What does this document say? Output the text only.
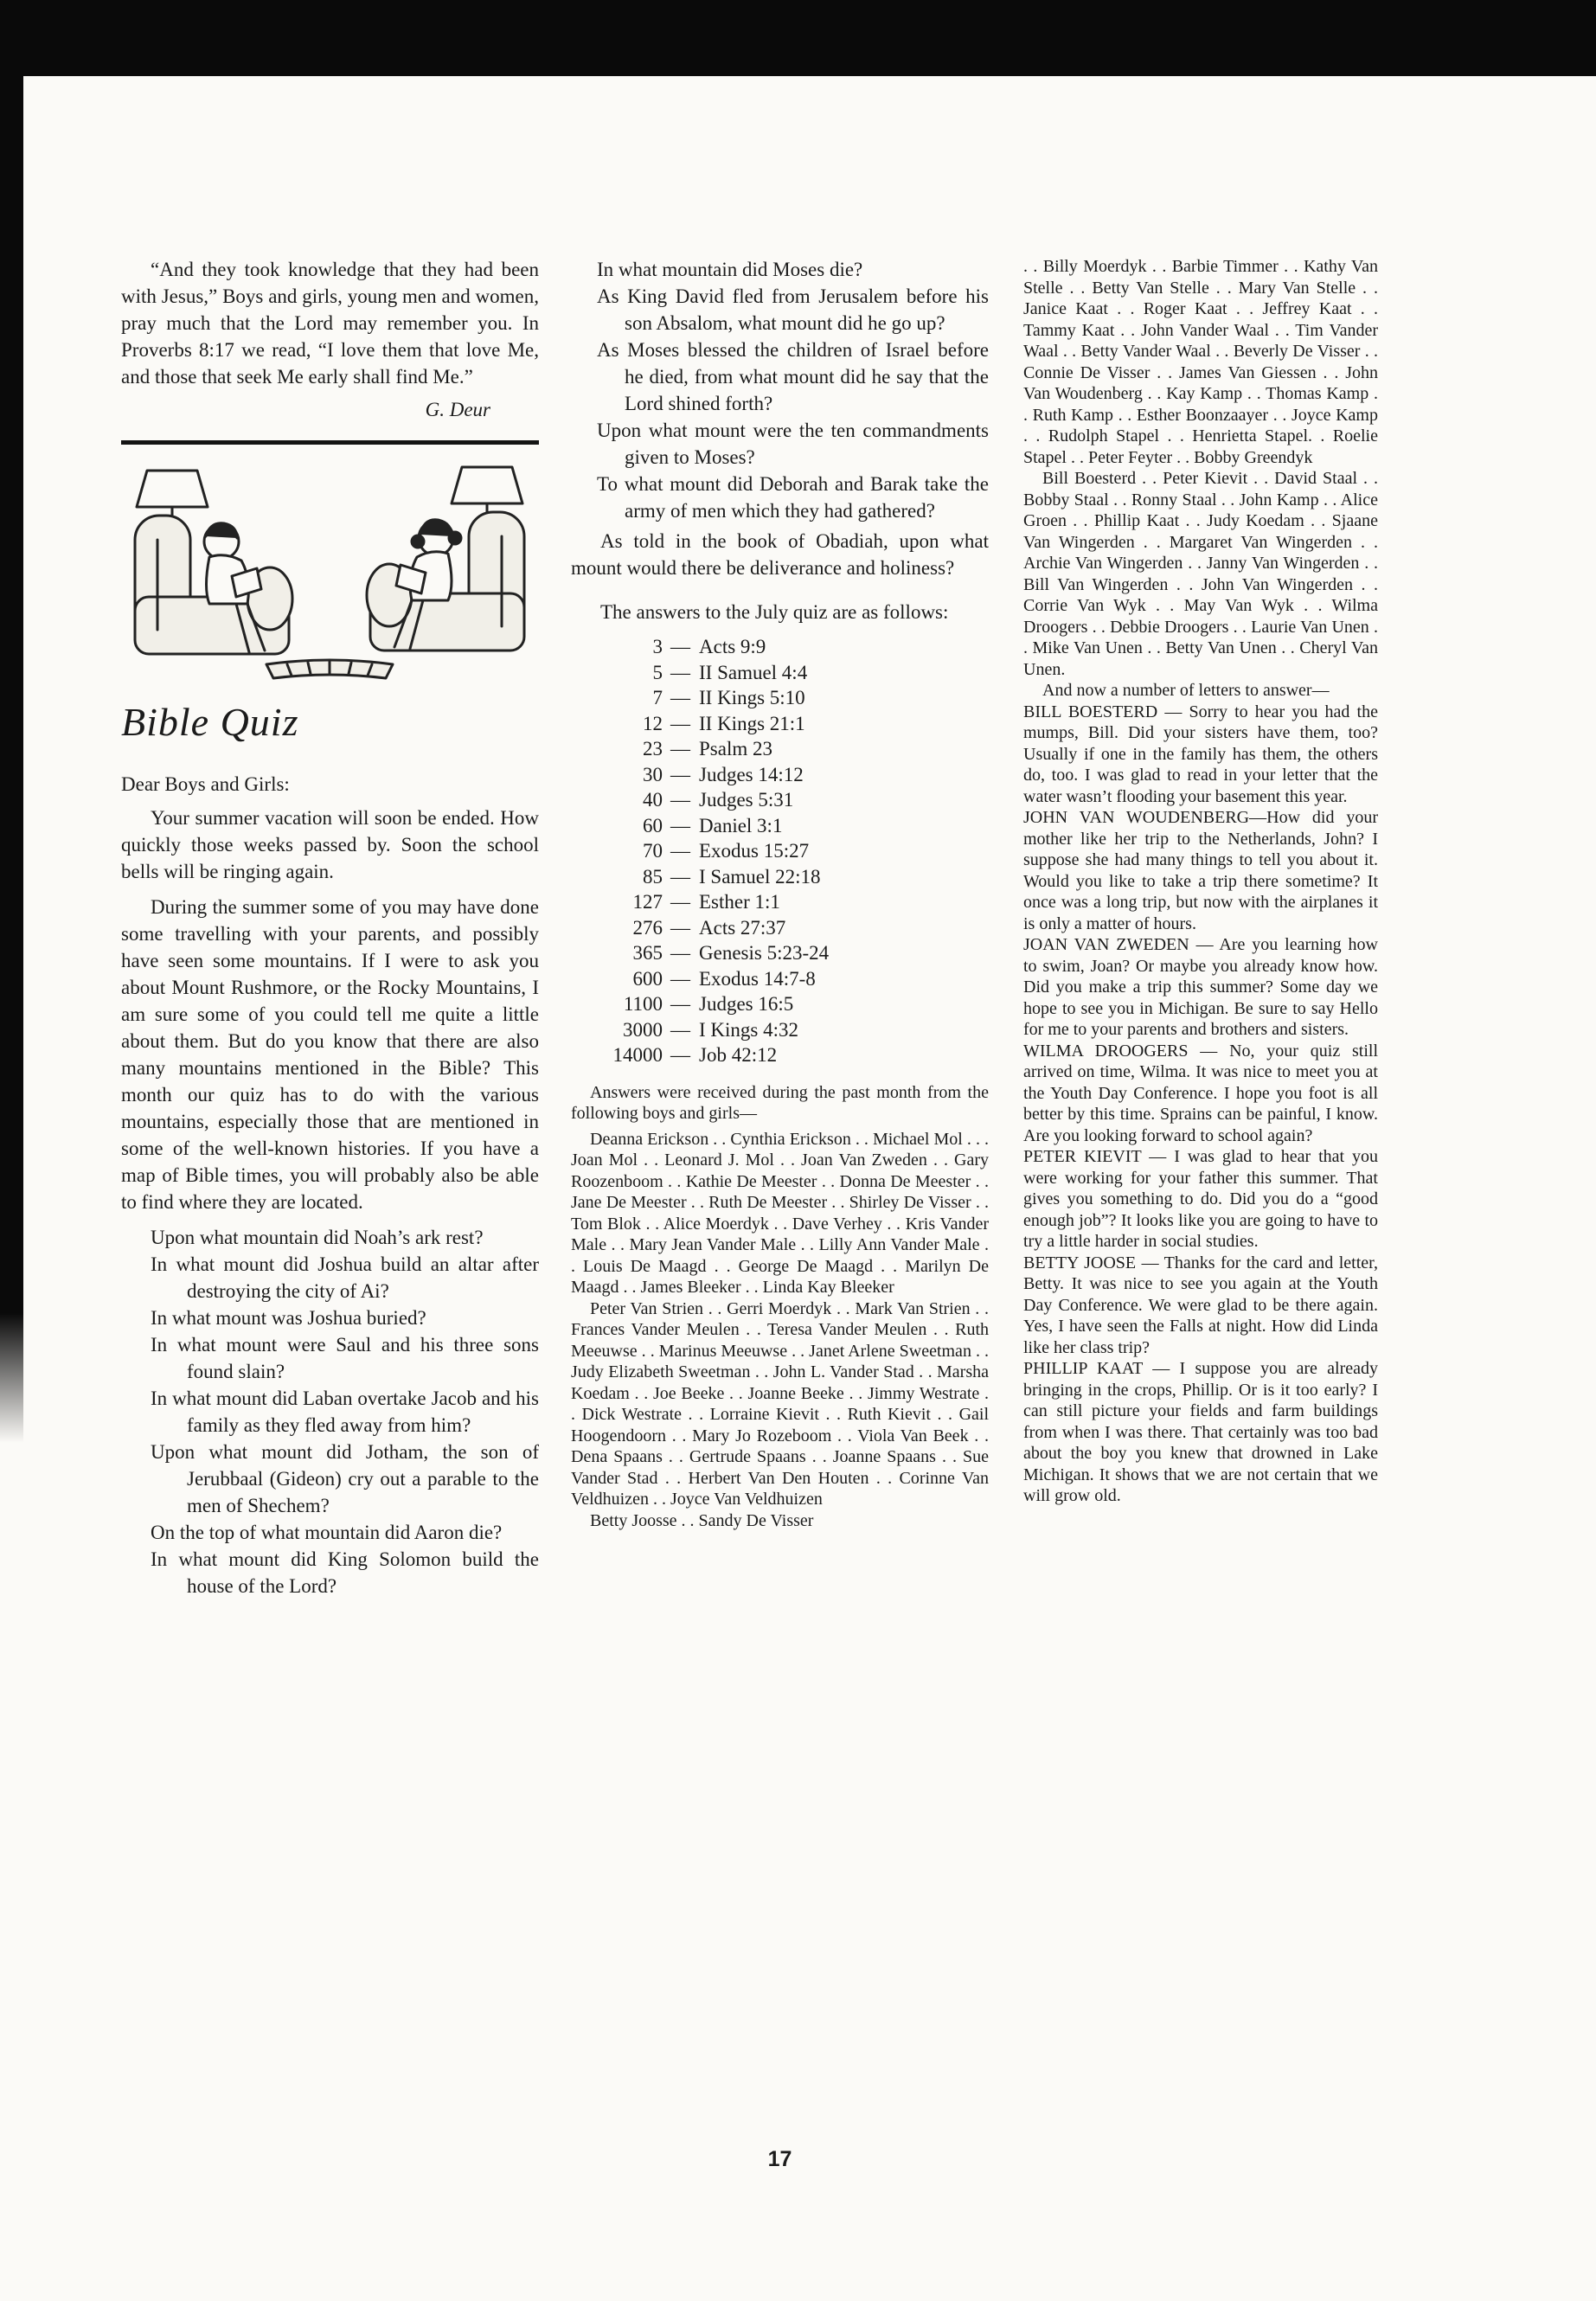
“And they took knowledge that they had been with Jesus,” Boys and girls, young men and women, pray much that the Lord may remember you. In Proverbs 8:17 we read, “I love them that love Me, and those that seek Me early shall find Me.”

G. Deur

Bible Quiz

Dear Boys and Girls:

Your summer vacation will soon be ended. How quickly those weeks passed by. Soon the school bells will be ringing again.

During the summer some of you may have done some travelling with your parents, and possibly have seen some mountains. If I were to ask you about Mount Rushmore, or the Rocky Mountains, I am sure some of you could tell me quite a little about them. But do you know that there are also many mountains mentioned in the Bible? This month our quiz has to do with the various mountains, especially those that are mentioned in some of the well-known histories. If you have a map of Bible times, you will probably also be able to find where they are located.

Upon what mountain did Noah’s ark rest?
In what mount did Joshua build an altar after destroying the city of Ai?
In what mount was Joshua buried?
In what mount were Saul and his three sons found slain?
In what mount did Laban overtake Jacob and his family as they fled away from him?
Upon what mount did Jotham, the son of Jerubbaal (Gideon) cry out a parable to the men of Shechem?
On the top of what mountain did Aaron die?
In what mount did King Solomon build the house of the Lord?
In what mountain did Moses die?
As King David fled from Jerusalem before his son Absalom, what mount did he go up?
As Moses blessed the children of Israel before he died, from what mount did he say that the Lord shined forth?
Upon what mount were the ten commandments given to Moses?
To what mount did Deborah and Barak take the army of men which they had gathered?

As told in the book of Obadiah, upon what mount would there be deliverance and holiness?

The answers to the July quiz are as follows:

3 — Acts 9:9
5 — II Samuel 4:4
7 — II Kings 5:10
12 — II Kings 21:1
23 — Psalm 23
30 — Judges 14:12
40 — Judges 5:31
60 — Daniel 3:1
70 — Exodus 15:27
85 — I Samuel 22:18
127 — Esther 1:1
276 — Acts 27:37
365 — Genesis 5:23-24
600 — Exodus 14:7-8
1100 — Judges 16:5
3000 — I Kings 4:32
14000 — Job 42:12

Answers were received during the past month from the following boys and girls—

Deanna Erickson . . Cynthia Erickson . . Michael Mol . . . Joan Mol . . Leonard J. Mol . . Joan Van Zweden . . Gary Roozenboom . . Kathie De Meester . . Donna De Meester . . Jane De Meester . . Ruth De Meester . . Shirley De Visser . . Tom Blok . . Alice Moerdyk . . Dave Verhey . . Kris Vander Male . . Mary Jean Vander Male . . Lilly Ann Vander Male . . Louis De Maagd . . George De Maagd . . Marilyn De Maagd . . James Bleeker . . Linda Kay Bleeker

Peter Van Strien . . Gerri Moerdyk . . Mark Van Strien . . Frances Vander Meulen . . Teresa Vander Meulen . . Ruth Meeuwse . . Marinus Meeuwse . . Janet Arlene Sweetman . . Judy Elizabeth Sweetman . . John L. Vander Stad . . Marsha Koedam . . Joe Beeke . . Joanne Beeke . . Jimmy Westrate . . Dick Westrate . . Lorraine Kievit . . Ruth Kievit . . Gail Hoogendoorn . . Mary Jo Rozeboom . . Viola Van Beek . . Dena Spaans . . Gertrude Spaans . . Joanne Spaans . . Sue Vander Stad . . Herbert Van Den Houten . . Corinne Van Veldhuizen . . Joyce Van Veldhuizen

Betty Joosse . . Sandy De Visser

. . Billy Moerdyk . . Barbie Timmer . . Kathy Van Stelle . . Betty Van Stelle . . Mary Van Stelle . . Janice Kaat . . Roger Kaat . . Jeffrey Kaat . . Tammy Kaat . . John Vander Waal . . Tim Vander Waal . . Betty Vander Waal . . Beverly De Visser . . Connie De Visser . . James Van Giessen . . John Van Woudenberg . . Kay Kamp . . Thomas Kamp . . Ruth Kamp . . Esther Boonzaayer . . Joyce Kamp . . Rudolph Stapel . . Henrietta Stapel. . Roelie Stapel . . Peter Feyter . . Bobby Greendyk

Bill Boesterd . . Peter Kievit . . David Staal . . Bobby Staal . . Ronny Staal . . John Kamp . . Alice Groen . . Phillip Kaat . . Judy Koedam . . Sjaane Van Wingerden . . Margaret Van Wingerden . . Archie Van Wingerden . . Janny Van Wingerden . . Bill Van Wingerden . . John Van Wingerden . . Corrie Van Wyk . . May Van Wyk . . Wilma Droogers . . Debbie Droogers . . Laurie Van Unen . . Mike Van Unen . . Betty Van Unen . . Cheryl Van Unen.

And now a number of letters to answer—

BILL BOESTERD — Sorry to hear you had the mumps, Bill. Did your sisters have them, too? Usually if one in the family has them, the others do, too. I was glad to read in your letter that the water wasn’t flooding your basement this year.

JOHN VAN WOUDENBERG—How did your mother like her trip to the Netherlands, John? I suppose she had many things to tell you about it. Would you like to take a trip there sometime? It once was a long trip, but now with the airplanes it is only a matter of hours.

JOAN VAN ZWEDEN — Are you learning how to swim, Joan? Or maybe you already know how. Did you make a trip this summer? Some day we hope to see you in Michigan. Be sure to say Hello for me to your parents and brothers and sisters.

WILMA DROOGERS — No, your quiz still arrived on time, Wilma. It was nice to meet you at the Youth Day Conference. I hope you foot is all better by this time. Sprains can be painful, I know. Are you looking forward to school again?

PETER KIEVIT — I was glad to hear that you were working for your father this summer. That gives you something to do. Did you do a “good enough job”? It looks like you are going to have to try a little harder in social studies.

BETTY JOOSE — Thanks for the card and letter, Betty. It was nice to see you again at the Youth Day Conference. We were glad to be there again. Yes, I have seen the Falls at night. How did Linda like her class trip?

PHILLIP KAAT — I suppose you are already bringing in the crops, Phillip. Or is it too early? I can still picture your fields and farm buildings from when I was there. That certainly was too bad about the boy you knew that drowned in Lake Michigan. It shows that we are not certain that we will grow old.

17
